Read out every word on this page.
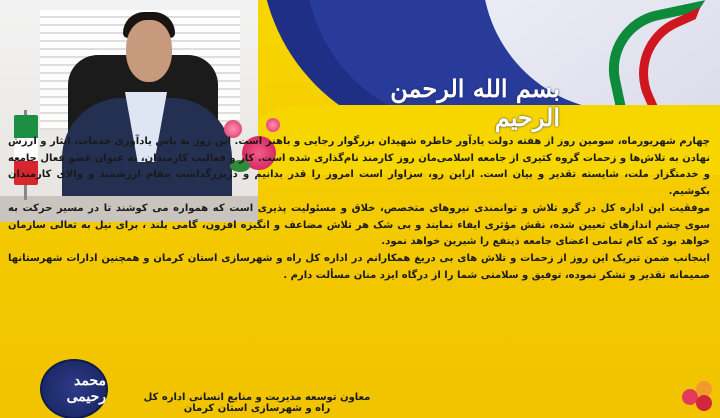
بسم الله الرحمن الرحیم

چهارم شهریورماه، سومین روز از هفته دولت یادآور خاطره شهیدان بزرگوار رجایی و باهنر است. این روز به پاس یادآوری خدمات، ایثار و ارزش نهادن به تلاش‌ها و زحمات گروه کثیری از جامعه اسلامی‌مان روز کارمند نام‌گذاری شده است. کار و فعالیت کارمندان، به عنوان عضو فعال جامعه و خدمتگزار ملت، شایسته تقدیر و بیان است. ازاین رو، سزاوار است امروز را قدر بدانیم و دربزرگداشت مقام ارزشمند و والای کارمندان بکوشیم.

موفقیت این اداره کل در گرو تلاش و توانمندی نیروهای متخصص، خلاق و مسئولیت پذیری است که همواره می کوشند تا در مسیر حرکت به سوی چشم اندازهای تعیین شده، نقش مؤثری ایفاء نمایند و بی شک هر تلاش مضاعف و انگیزه افزون، گامی بلند ، برای نیل به تعالی سازمان خواهد بود که کام تمامی اعضای جامعه ذینفع را شیرین خواهد نمود.

اینجانب ضمن تبریک این روز از زحمات و تلاش های بی دریغ همکارانم در اداره کل راه و شهرسازی استان کرمان و همچنین ادارات شهرستانها صمیمانه تقدیر و تشکر نموده، توفیق و سلامتی شما را از درگاه ایزد منان مسألت دارم .

محمد رحیمی	معاون توسعه مدیریت و منابع انسانی اداره کل راه و شهرسازی استان کرمان
